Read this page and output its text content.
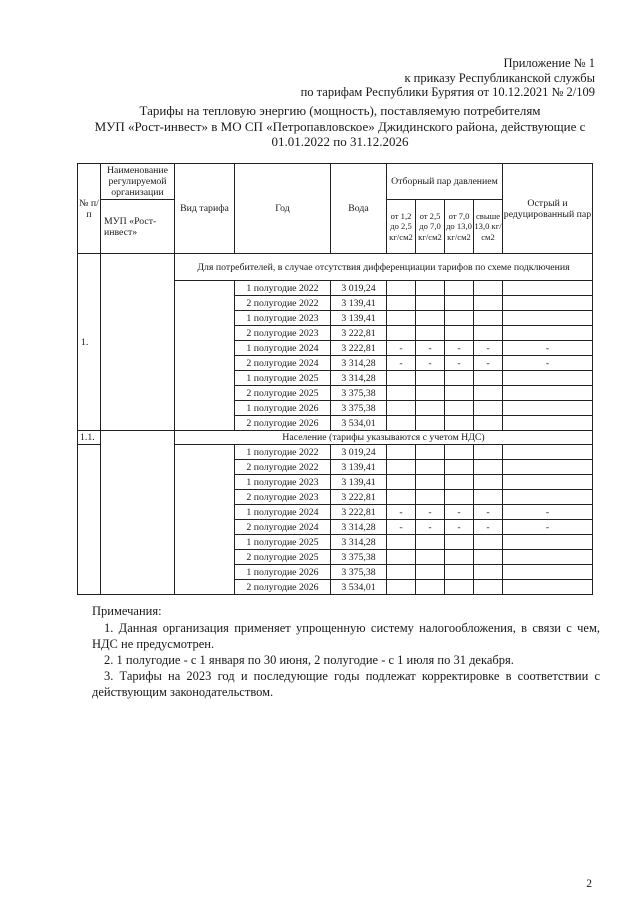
Приложение № 1
к приказу Республиканской службы
по тарифам Республики Бурятия от 10.12.2021 № 2/109
Тарифы на тепловую энергию (мощность), поставляемую потребителям
МУП «Рост-инвест» в МО СП «Петропавловское» Джидинского района, действующие с
01.01.2022 по 31.12.2026
№ п/п	Наименование регулируемой организации	Вид тарифа	Год	Вода	Отборный пар давлением				Острый и редуцированный пар
	МУП «Рост-инвест»				от 1,2 до 2,5 кг/см2	от 2,5 до 7,0 кг/см2	от 7,0 до 13,0 кг/см2	свыше 13,0 кг/см2	
1.		Для потребителей, в случае отсутствия дифференциации тарифов по схеме подключения							
			1 полугодие 2022	3 019,24					
			2 полугодие 2022	3 139,41					
			1 полугодие 2023	3 139,41					
			2 полугодие 2023	3 222,81					
			1 полугодие 2024	3 222,81	-	-	-	-	-
			2 полугодие 2024	3 314,28	-	-	-	-	-
			1 полугодие 2025	3 314,28					
			2 полугодие 2025	3 375,38					
			1 полугодие 2026	3 375,38					
			2 полугодие 2026	3 534,01					
1.1.		Население (тарифы указываются с учетом НДС)							
			1 полугодие 2022	3 019,24					
			2 полугодие 2022	3 139,41					
			1 полугодие 2023	3 139,41					
			2 полугодие 2023	3 222,81					
			1 полугодие 2024	3 222,81	-	-	-	-	-
			2 полугодие 2024	3 314,28	-	-	-	-	-
			1 полугодие 2025	3 314,28					
			2 полугодие 2025	3 375,38					
			1 полугодие 2026	3 375,38					
			2 полугодие 2026	3 534,01					

Примечания:

1. Данная организация применяет упрощенную систему налогообложения, в связи с чем, НДС не предусмотрен.

2. 1 полугодие - с 1 января по 30 июня, 2 полугодие - с 1 июля по 31 декабря.

3. Тарифы на 2023 год и последующие годы подлежат корректировке в соответствии с действующим законодательством.

2
